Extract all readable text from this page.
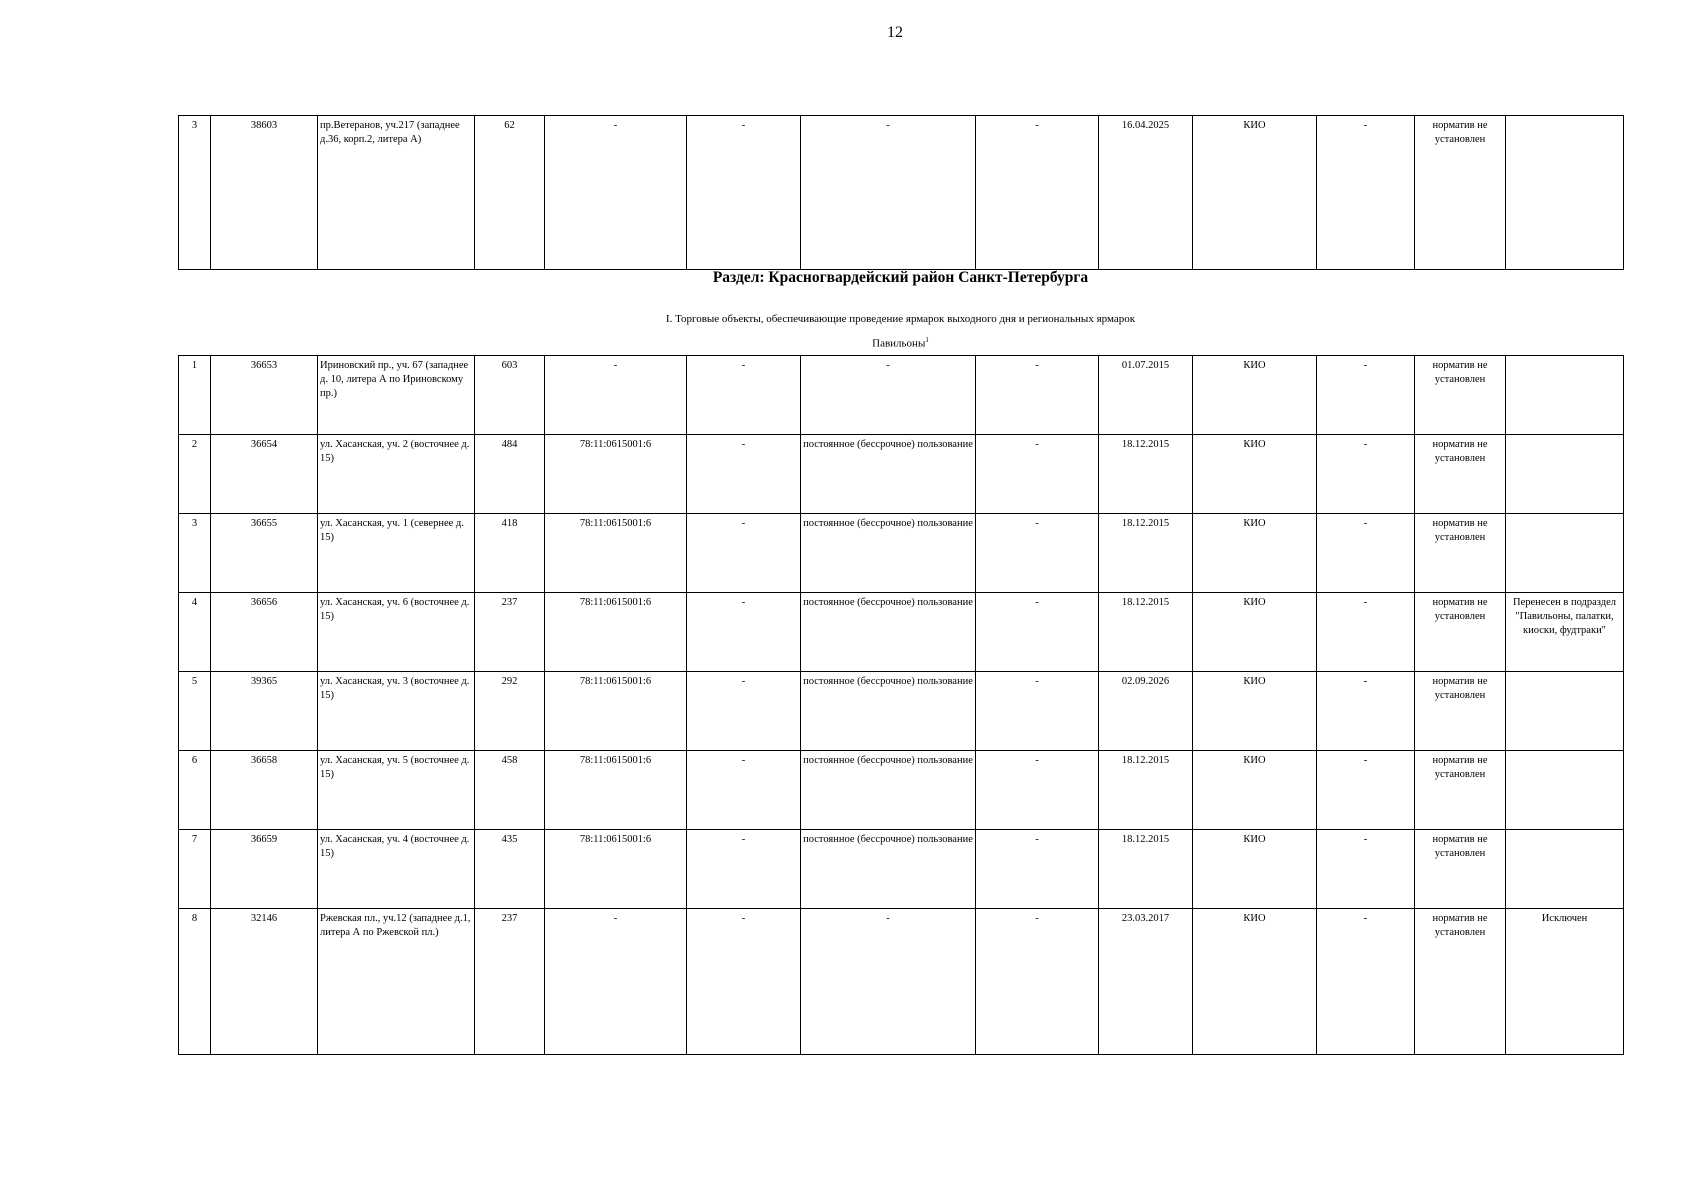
12
3	38603	пр.Ветеранов, уч.217 (западнее д.36, корп.2, литера А)	62	-	-	-	-	16.04.2025	КИО	-	норматив не установлен	
Раздел: Красногвардейский район Санкт-Петербурга
I. Торговые объекты, обеспечивающие проведение ярмарок выходного дня и региональных ярмарок
Павильоны$^1$
1	36653	Ириновский пр., уч. 67 (западнее д. 10, литера А по Ириновскому пр.)	603	-	-	-	-	01.07.2015	КИО	-	норматив не установлен	
2	36654	ул. Хасанская, уч. 2 (восточнее д. 15)	484	78:11:0615001:6	-	постоянное (бессрочное) пользование	-	18.12.2015	КИО	-	норматив не установлен	
3	36655	ул. Хасанская, уч. 1 (севернее д. 15)	418	78:11:0615001:6	-	постоянное (бессрочное) пользование	-	18.12.2015	КИО	-	норматив не установлен	
4	36656	ул. Хасанская, уч. 6 (восточнее д. 15)	237	78:11:0615001:6	-	постоянное (бессрочное) пользование	-	18.12.2015	КИО	-	норматив не установлен	Перенесен в подраздел "Павильоны, палатки, киоски, фудтраки"
5	39365	ул. Хасанская, уч. 3 (восточнее д. 15)	292	78:11:0615001:6	-	постоянное (бессрочное) пользование	-	02.09.2026	КИО	-	норматив не установлен	
6	36658	ул. Хасанская, уч. 5 (восточнее д. 15)	458	78:11:0615001:6	-	постоянное (бессрочное) пользование	-	18.12.2015	КИО	-	норматив не установлен	
7	36659	ул. Хасанская, уч. 4 (восточнее д. 15)	435	78:11:0615001:6	-	постоянное (бессрочное) пользование	-	18.12.2015	КИО	-	норматив не установлен	
8	32146	Ржевская пл., уч.12 (западнее д.1, литера А по Ржевской пл.)	237	-	-	-	-	23.03.2017	КИО	-	норматив не установлен	Исключен
